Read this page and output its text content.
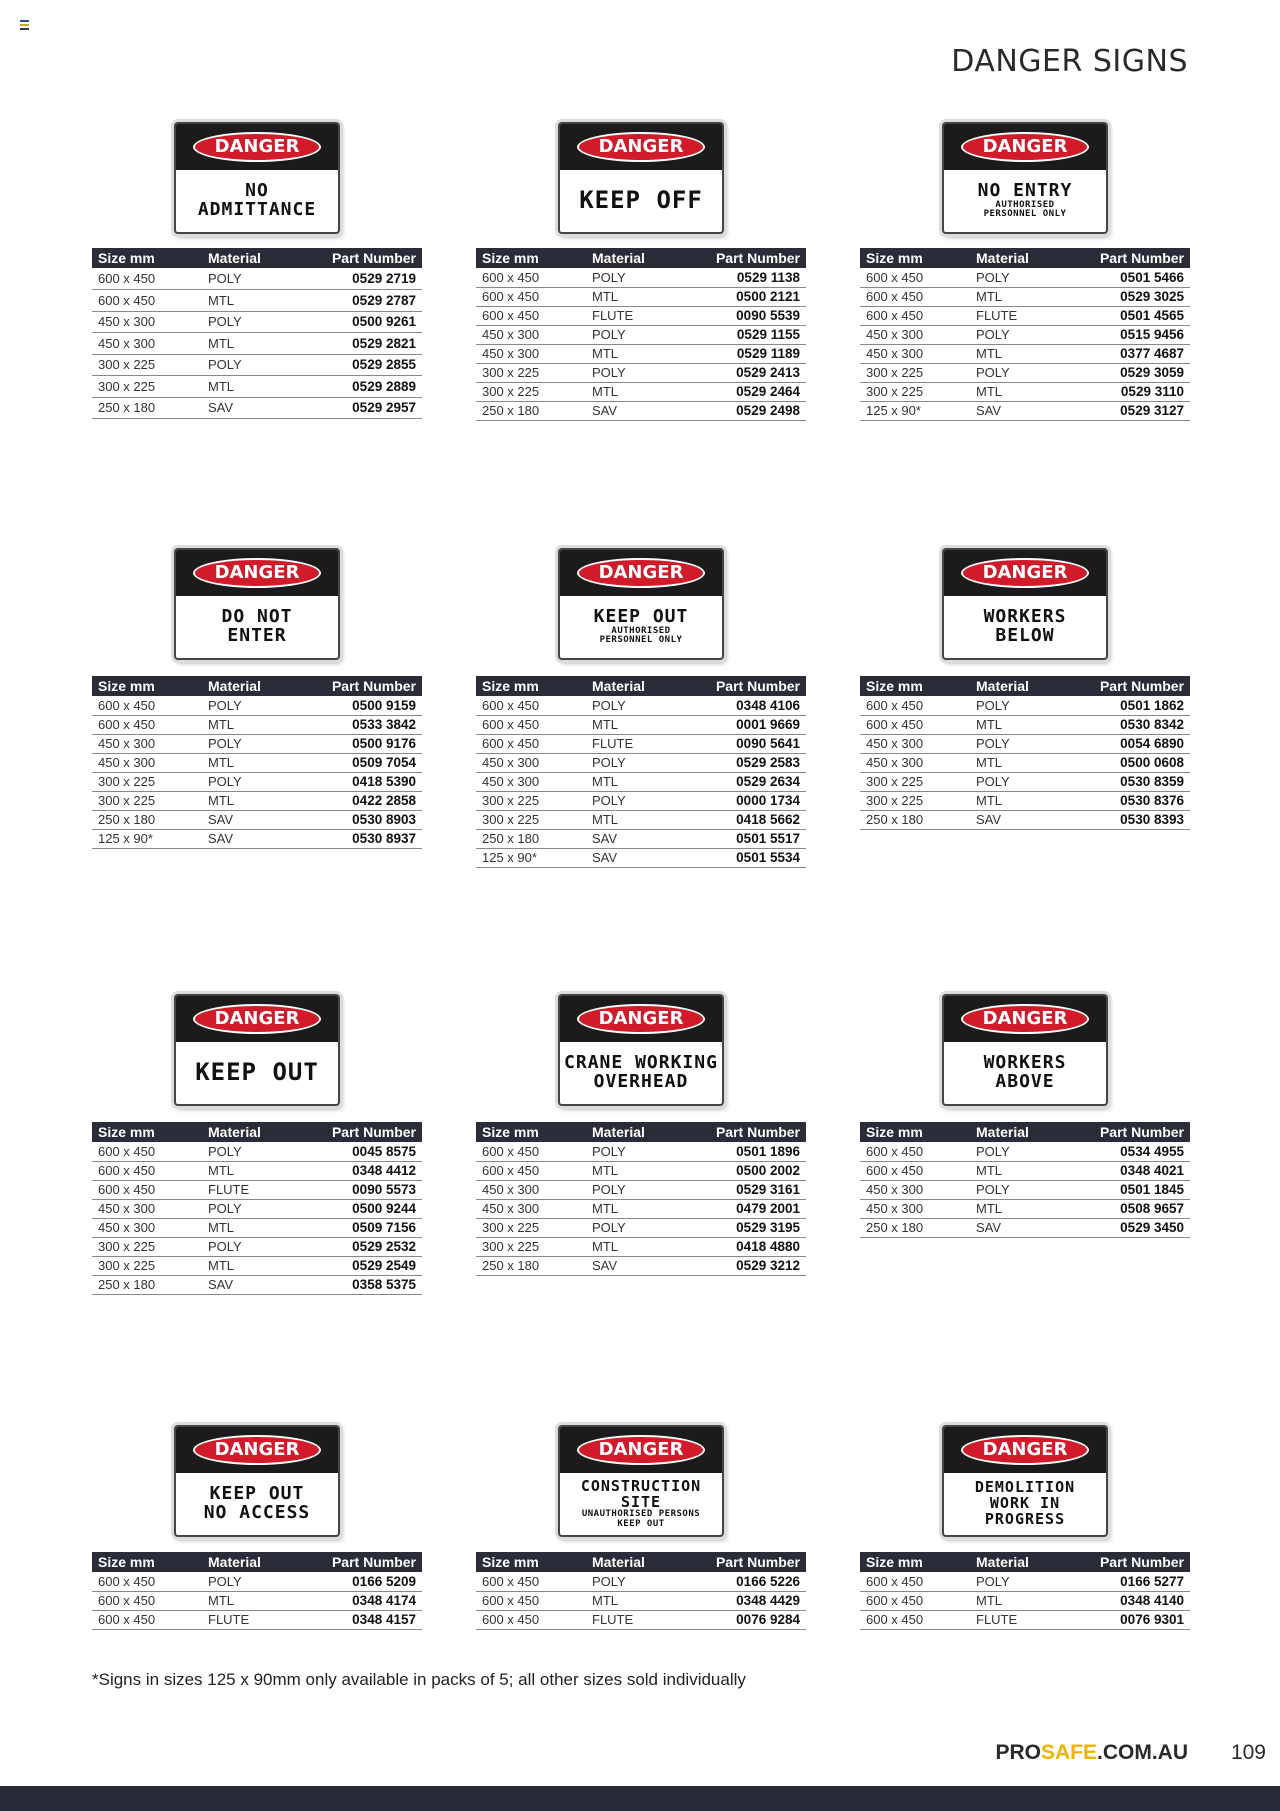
DANGER SIGNS
DANGER
NO
ADMITTANCE
Size mm	Material	Part Number
600 x 450	POLY	0529 2719
600 x 450	MTL	0529 2787
450 x 300	POLY	0500 9261
450 x 300	MTL	0529 2821
300 x 225	POLY	0529 2855
300 x 225	MTL	0529 2889
250 x 180	SAV	0529 2957
DANGER
KEEP OFF
Size mm	Material	Part Number
600 x 450	POLY	0529 1138
600 x 450	MTL	0500 2121
600 x 450	FLUTE	0090 5539
450 x 300	POLY	0529 1155
450 x 300	MTL	0529 1189
300 x 225	POLY	0529 2413
300 x 225	MTL	0529 2464
250 x 180	SAV	0529 2498
DANGER
NO ENTRY
AUTHORISED
PERSONNEL ONLY
Size mm	Material	Part Number
600 x 450	POLY	0501 5466
600 x 450	MTL	0529 3025
600 x 450	FLUTE	0501 4565
450 x 300	POLY	0515 9456
450 x 300	MTL	0377 4687
300 x 225	POLY	0529 3059
300 x 225	MTL	0529 3110
125 x 90*	SAV	0529 3127
DANGER
DO NOT
ENTER
Size mm	Material	Part Number
600 x 450	POLY	0500 9159
600 x 450	MTL	0533 3842
450 x 300	POLY	0500 9176
450 x 300	MTL	0509 7054
300 x 225	POLY	0418 5390
300 x 225	MTL	0422 2858
250 x 180	SAV	0530 8903
125 x 90*	SAV	0530 8937
DANGER
KEEP OUT
AUTHORISED
PERSONNEL ONLY
Size mm	Material	Part Number
600 x 450	POLY	0348 4106
600 x 450	MTL	0001 9669
600 x 450	FLUTE	0090 5641
450 x 300	POLY	0529 2583
450 x 300	MTL	0529 2634
300 x 225	POLY	0000 1734
300 x 225	MTL	0418 5662
250 x 180	SAV	0501 5517
125 x 90*	SAV	0501 5534
DANGER
WORKERS
BELOW
Size mm	Material	Part Number
600 x 450	POLY	0501 1862
600 x 450	MTL	0530 8342
450 x 300	POLY	0054 6890
450 x 300	MTL	0500 0608
300 x 225	POLY	0530 8359
300 x 225	MTL	0530 8376
250 x 180	SAV	0530 8393
DANGER
KEEP OUT
Size mm	Material	Part Number
600 x 450	POLY	0045 8575
600 x 450	MTL	0348 4412
600 x 450	FLUTE	0090 5573
450 x 300	POLY	0500 9244
450 x 300	MTL	0509 7156
300 x 225	POLY	0529 2532
300 x 225	MTL	0529 2549
250 x 180	SAV	0358 5375
DANGER
CRANE WORKING
OVERHEAD
Size mm	Material	Part Number
600 x 450	POLY	0501 1896
600 x 450	MTL	0500 2002
450 x 300	POLY	0529 3161
450 x 300	MTL	0479 2001
300 x 225	POLY	0529 3195
300 x 225	MTL	0418 4880
250 x 180	SAV	0529 3212
DANGER
WORKERS
ABOVE
Size mm	Material	Part Number
600 x 450	POLY	0534 4955
600 x 450	MTL	0348 4021
450 x 300	POLY	0501 1845
450 x 300	MTL	0508 9657
250 x 180	SAV	0529 3450
DANGER
KEEP OUT
NO ACCESS
Size mm	Material	Part Number
600 x 450	POLY	0166 5209
600 x 450	MTL	0348 4174
600 x 450	FLUTE	0348 4157
DANGER
CONSTRUCTION
SITE
UNAUTHORISED PERSONS
KEEP OUT
Size mm	Material	Part Number
600 x 450	POLY	0166 5226
600 x 450	MTL	0348 4429
600 x 450	FLUTE	0076 9284
DANGER
DEMOLITION
WORK IN
PROGRESS
Size mm	Material	Part Number
600 x 450	POLY	0166 5277
600 x 450	MTL	0348 4140
600 x 450	FLUTE	0076 9301
*Signs in sizes 125 x 90mm only available in packs of 5; all other sizes sold individually
PROSAFE.COM.AU 109
